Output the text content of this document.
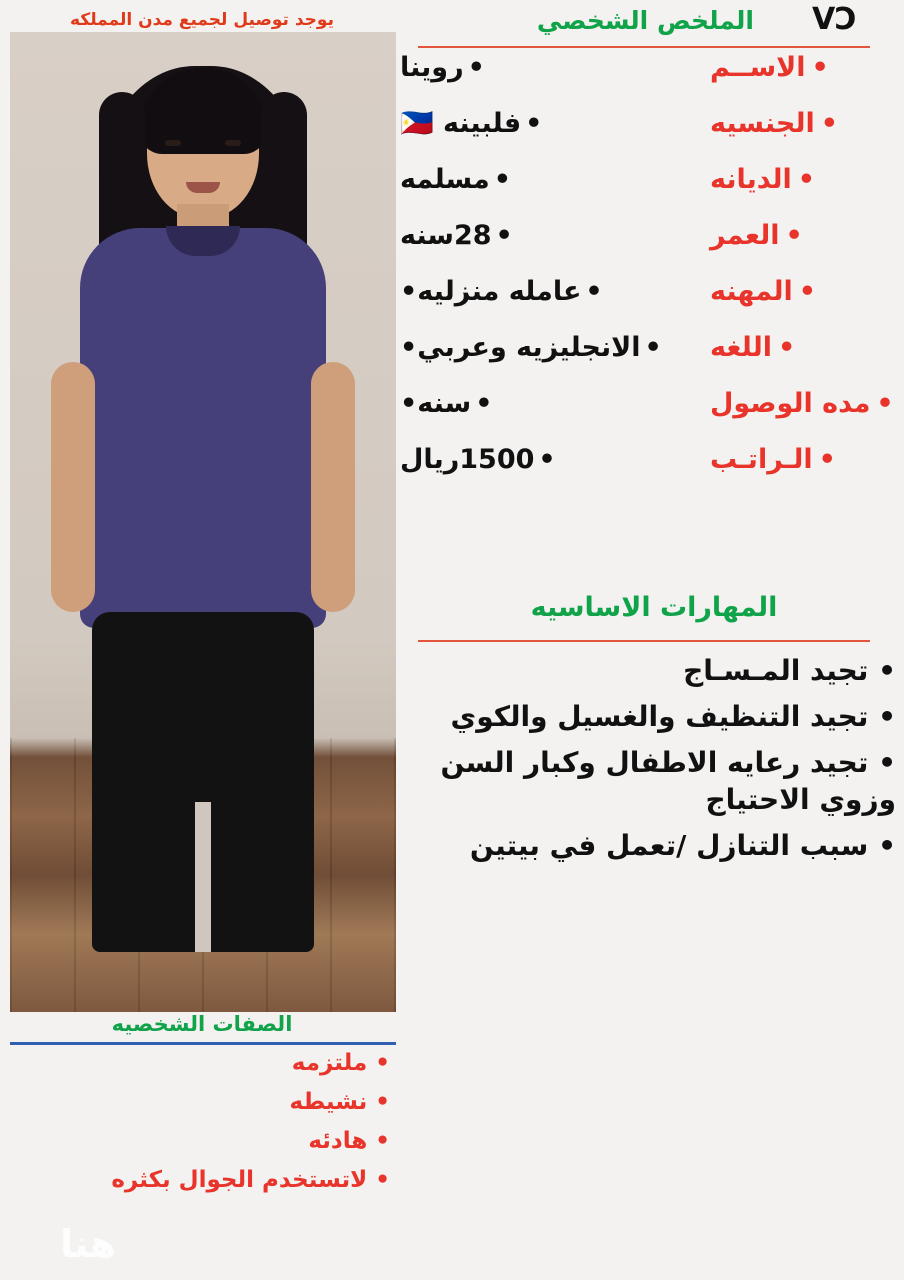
CV
الملخص الشخصي
يوجد توصيل لجميع مدن المملكه
•الاســم
•روينا
•الجنسيه
•فلبينه 🇵🇭
•الديانه
•مسلمه
•العمر
•28سنه
•المهنه
•عامله منزليه•
•اللغه
•الانجليزيه وعربي•
•مده الوصول
•سنه•
•الـراتـب
•1500ريال
المهارات الاساسيه
• تجيد المـسـاج
• تجيد التنظيف والغسيل والكوي
• تجيد رعايه الاطفال وكبار السن وزوي الاحتياج
• سبب التنازل /تعمل في بيتين
الصفات الشخصيه
• ملتزمه
• نشيطه
• هادئه
• لاتستخدم الجوال بكثره
هنا
